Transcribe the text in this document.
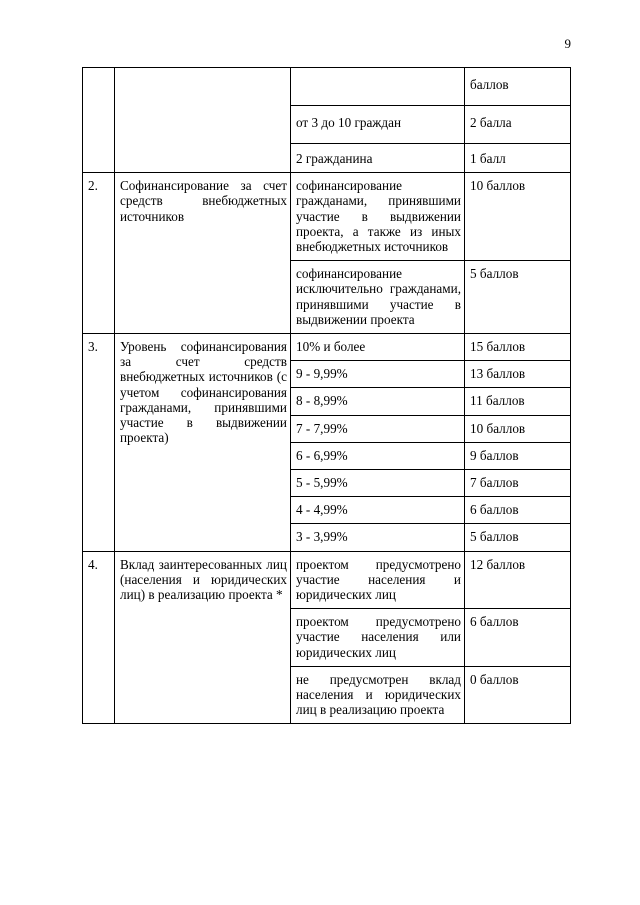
9
			баллов
		от 3 до 10 граждан	2 балла
		2 гражданина	1 балл
2.	Софинансирование за счет средств внебюджетных источников	софинансирование гражданами, принявшими участие в выдвижении проекта, а также из иных внебюджетных источников	10 баллов
		софинансирование исключительно гражданами, принявшими участие в выдвижении проекта	5 баллов
3.	Уровень софинансирования за счет средств внебюджетных источников (с учетом софинансирования гражданами, принявшими участие в выдвижении проекта)	10% и более	15 баллов
		9 - 9,99%	13 баллов
		8 - 8,99%	11 баллов
		7 - 7,99%	10 баллов
		6 - 6,99%	9 баллов
		5 - 5,99%	7 баллов
		4 - 4,99%	6 баллов
		3 - 3,99%	5 баллов
4.	Вклад заинтересованных лиц (населения и юридических лиц) в реализацию проекта *	проектом предусмотрено участие населения и юридических лиц	12 баллов
		проектом предусмотрено участие населения или юридических лиц	6 баллов
		не предусмотрен вклад населения и юридических лиц в реализацию проекта	0 баллов
